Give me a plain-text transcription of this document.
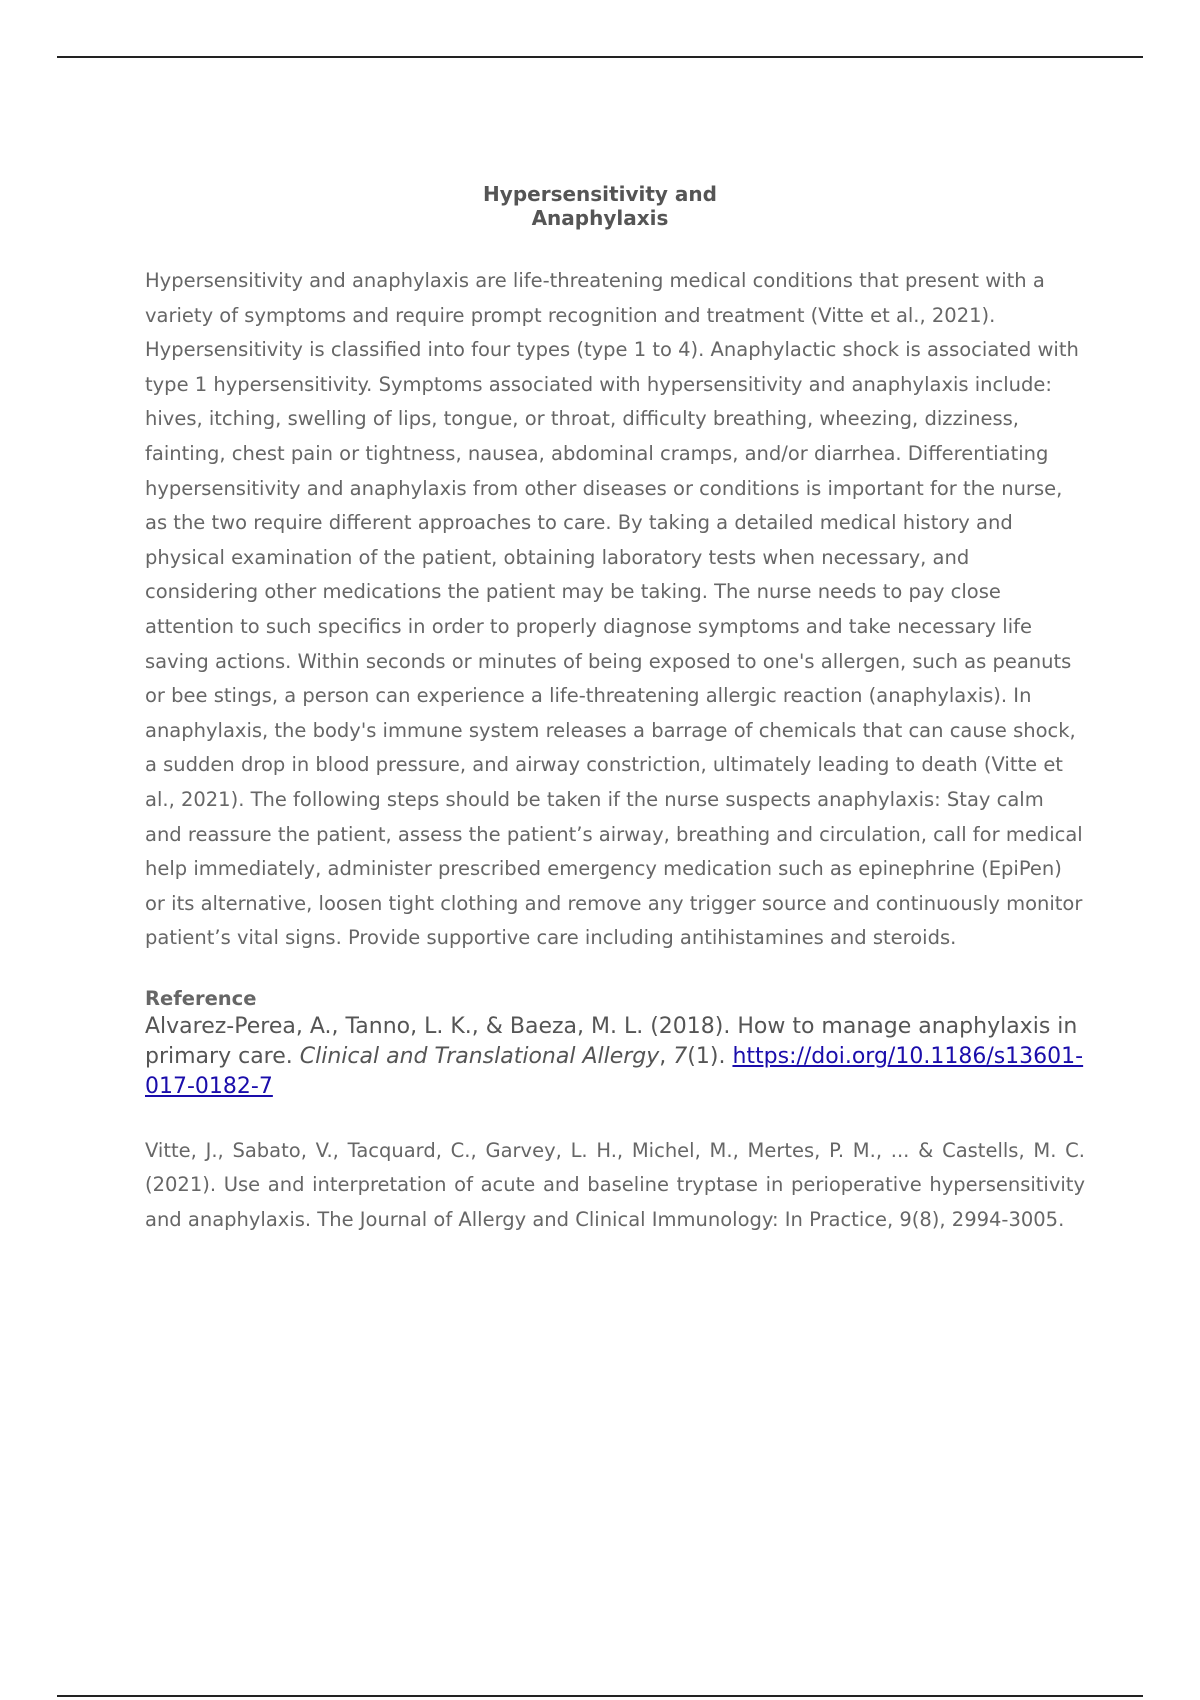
Hypersensitivity and
Anaphylaxis

Hypersensitivity and anaphylaxis are life-threatening medical conditions that present with a variety of symptoms and require prompt recognition and treatment (Vitte et al., 2021).

Hypersensitivity is classified into four types (type 1 to 4). Anaphylactic shock is associated with type 1 hypersensitivity. Symptoms associated with hypersensitivity and anaphylaxis include: hives, itching, swelling of lips, tongue, or throat, difficulty breathing, wheezing, dizziness, fainting, chest pain or tightness, nausea, abdominal cramps, and/or diarrhea. Differentiating hypersensitivity and anaphylaxis from other diseases or conditions is important for the nurse, as the two require different approaches to care. By taking a detailed medical history and physical examination of the patient, obtaining laboratory tests when necessary, and considering other medications the patient may be taking. The nurse needs to pay close attention to such specifics in order to properly diagnose symptoms and take necessary life saving actions. Within seconds or minutes of being exposed to one's allergen, such as peanuts or bee stings, a person can experience a life-threatening allergic reaction (anaphylaxis). In anaphylaxis, the body's immune system releases a barrage of chemicals that can cause shock, a sudden drop in blood pressure, and airway constriction, ultimately leading to death (Vitte et al., 2021). The following steps should be taken if the nurse suspects anaphylaxis: Stay calm and reassure the patient, assess the patient’s airway, breathing and circulation, call for medical help immediately, administer prescribed emergency medication such as epinephrine (EpiPen) or its alternative, loosen tight clothing and remove any trigger source and continuously monitor patient’s vital signs. Provide supportive care including antihistamines and steroids.

Reference

Alvarez-Perea, A., Tanno, L. K., & Baeza, M. L. (2018). How to manage anaphylaxis in primary care. Clinical and Translational Allergy, 7(1). https://doi.org/10.1186/s13601-017-0182-7

Vitte, J., Sabato, V., Tacquard, C., Garvey, L. H., Michel, M., Mertes, P. M., ... & Castells, M. C. (2021). Use and interpretation of acute and baseline tryptase in perioperative hypersensitivity and anaphylaxis. The Journal of Allergy and Clinical Immunology: In Practice, 9(8), 2994-3005.
